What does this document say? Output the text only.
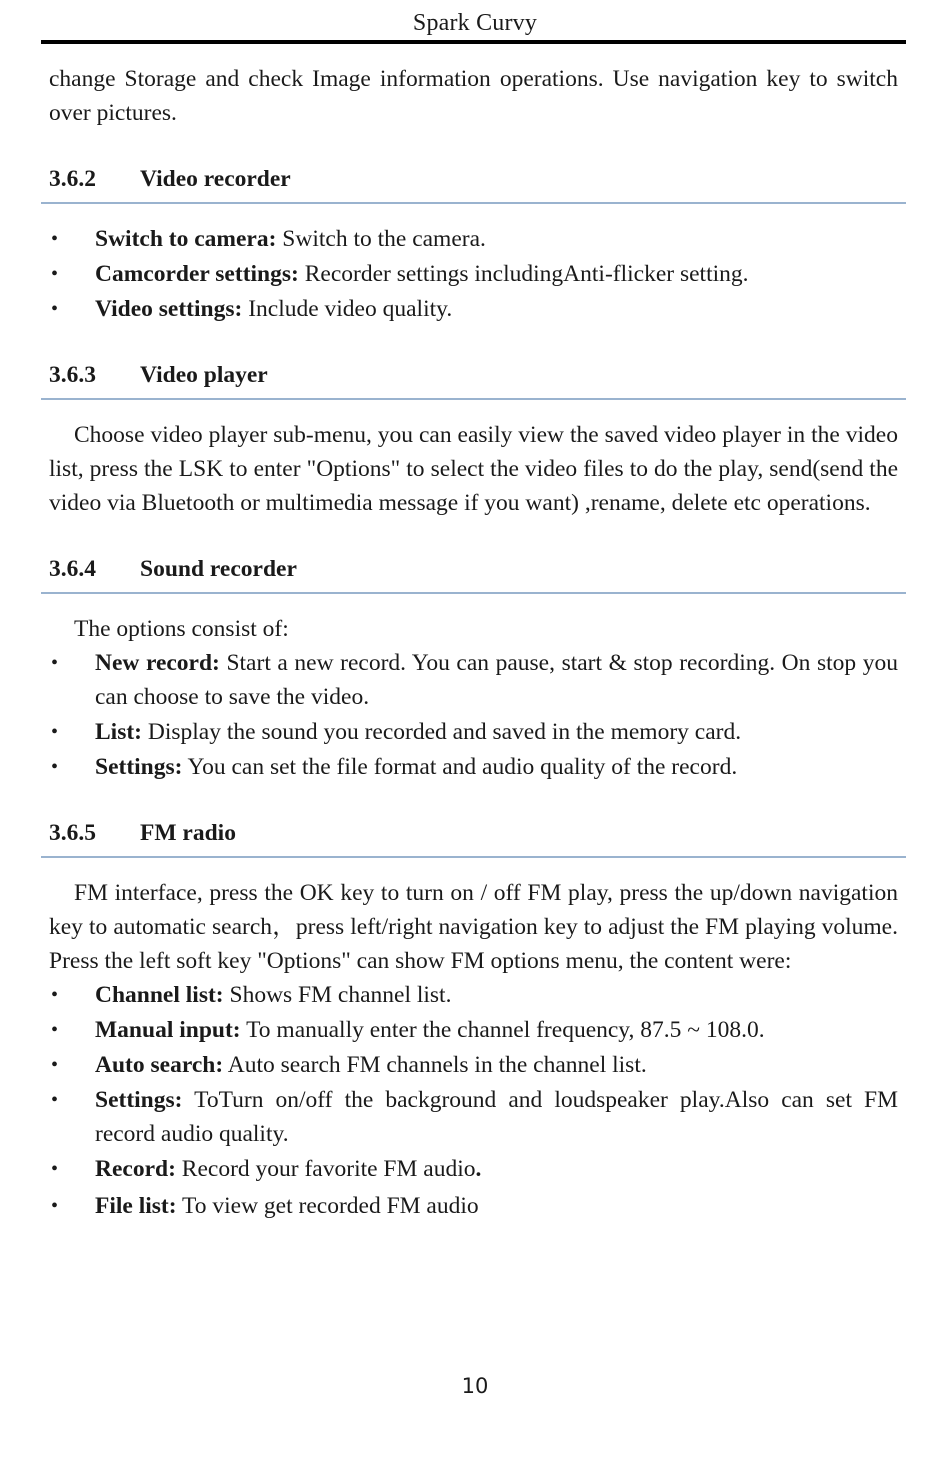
Spark Curvy

change Storage and check Image information operations. Use navigation key to switch over pictures.

3.6.2 Video recorder
• Switch to camera: Switch to the camera.
• Camcorder settings: Recorder settings includingAnti-flicker setting.
• Video settings: Include video quality.
3.6.3 Video player

Choose video player sub-menu, you can easily view the saved video player in the video list, press the LSK to enter "Options" to select the video files to do the play, send(send the video via Bluetooth or multimedia message if you want) ,rename, delete etc operations.

3.6.4 Sound recorder

The options consist of:

• New record: Start a new record. You can pause, start & stop recording. On stop you can choose to save the video.
• List: Display the sound you recorded and saved in the memory card.
• Settings: You can set the file format and audio quality of the record.
3.6.5 FM radio

FM interface, press the OK key to turn on / off FM play, press the up/down navigation key to automatic search，press left/right navigation key to adjust the FM playing volume. Press the left soft key "Options" can show FM options menu, the content were:

• Channel list: Shows FM channel list.
• Manual input: To manually enter the channel frequency, 87.5 ~ 108.0.
• Auto search: Auto search FM channels in the channel list.
• Settings: ToTurn on/off the background and loudspeaker play.Also can set FM record audio quality.
• Record: Record your favorite FM audio.
• File list: To view get recorded FM audio
10
